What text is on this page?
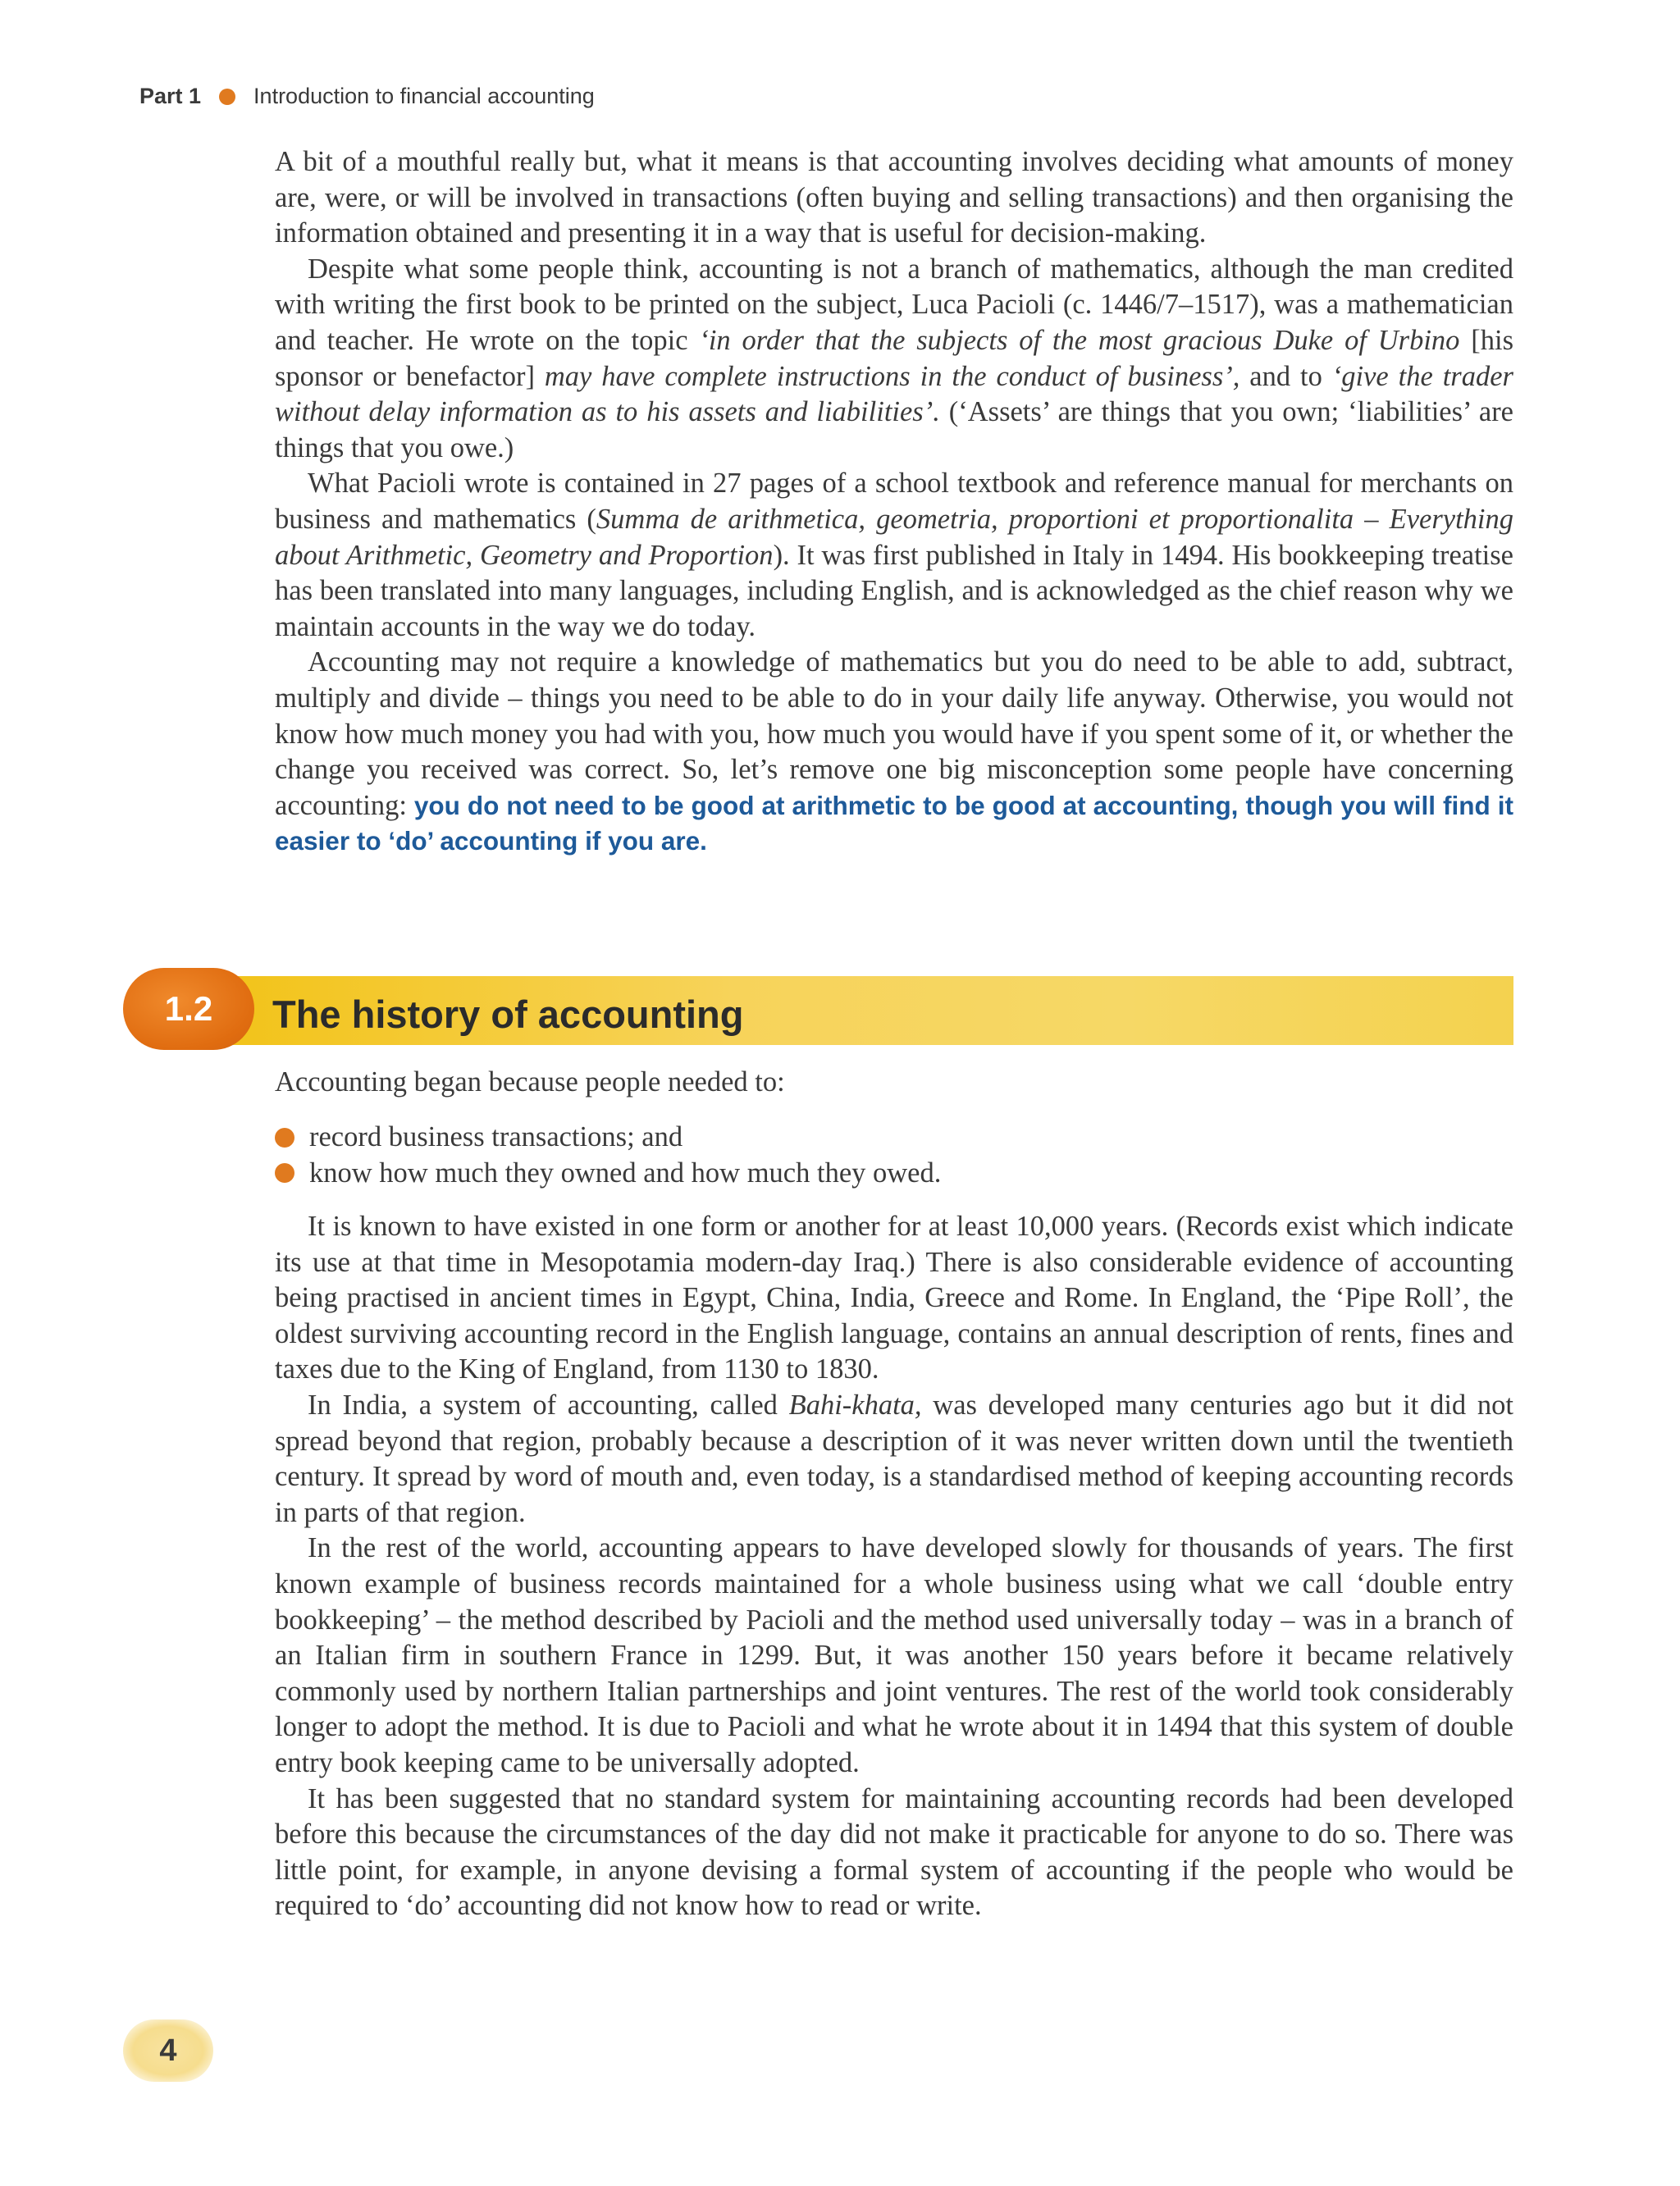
Part 1 Introduction to financial accounting

A bit of a mouthful really but, what it means is that accounting involves deciding what amounts of money are, were, or will be involved in transactions (often buying and selling transactions) and then organising the information obtained and presenting it in a way that is useful for decision-making.

Despite what some people think, accounting is not a branch of mathematics, although the man credited with writing the first book to be printed on the subject, Luca Pacioli (c. 1446/7–1517), was a mathematician and teacher. He wrote on the topic ‘in order that the subjects of the most gracious Duke of Urbino [his sponsor or benefactor] may have complete instructions in the conduct of business’, and to ‘give the trader without delay information as to his assets and liabilities’. (‘Assets’ are things that you own; ‘liabilities’ are things that you owe.)

What Pacioli wrote is contained in 27 pages of a school textbook and reference manual for merchants on business and mathematics (Summa de arithmetica, geometria, proportioni et proportionalita – Everything about Arithmetic, Geometry and Proportion). It was first published in Italy in 1494. His bookkeeping treatise has been translated into many languages, including English, and is acknowledged as the chief reason why we maintain accounts in the way we do today.

Accounting may not require a knowledge of mathematics but you do need to be able to add, subtract, multiply and divide – things you need to be able to do in your daily life anyway. Otherwise, you would not know how much money you had with you, how much you would have if you spent some of it, or whether the change you received was correct. So, let’s remove one big misconception some people have concerning accounting: you do not need to be good at arithmetic to be good at accounting, though you will find it easier to ‘do’ accounting if you are.

1.2	The history of accounting
Accounting began because people needed to:
record business transactions; and
know how much they owned and how much they owed.

It is known to have existed in one form or another for at least 10,000 years. (Records exist which indicate its use at that time in Mesopotamia modern-day Iraq.) There is also considerable evidence of accounting being practised in ancient times in Egypt, China, India, Greece and Rome. In England, the ‘Pipe Roll’, the oldest surviving accounting record in the English language, contains an annual description of rents, fines and taxes due to the King of England, from 1130 to 1830.

In India, a system of accounting, called Bahi-khata, was developed many centuries ago but it did not spread beyond that region, probably because a description of it was never written down until the twentieth century. It spread by word of mouth and, even today, is a standardised method of keeping accounting records in parts of that region.

In the rest of the world, accounting appears to have developed slowly for thousands of years. The first known example of business records maintained for a whole business using what we call ‘double entry bookkeeping’ – the method described by Pacioli and the method used universally today – was in a branch of an Italian firm in southern France in 1299. But, it was another 150 years before it became relatively commonly used by northern Italian partnerships and joint ventures. The rest of the world took considerably longer to adopt the method. It is due to Pacioli and what he wrote about it in 1494 that this system of double entry book keeping came to be universally adopted.

It has been suggested that no standard system for maintaining accounting records had been developed before this because the circumstances of the day did not make it practicable for anyone to do so. There was little point, for example, in anyone devising a formal system of accounting if the people who would be required to ‘do’ accounting did not know how to read or write.

4
